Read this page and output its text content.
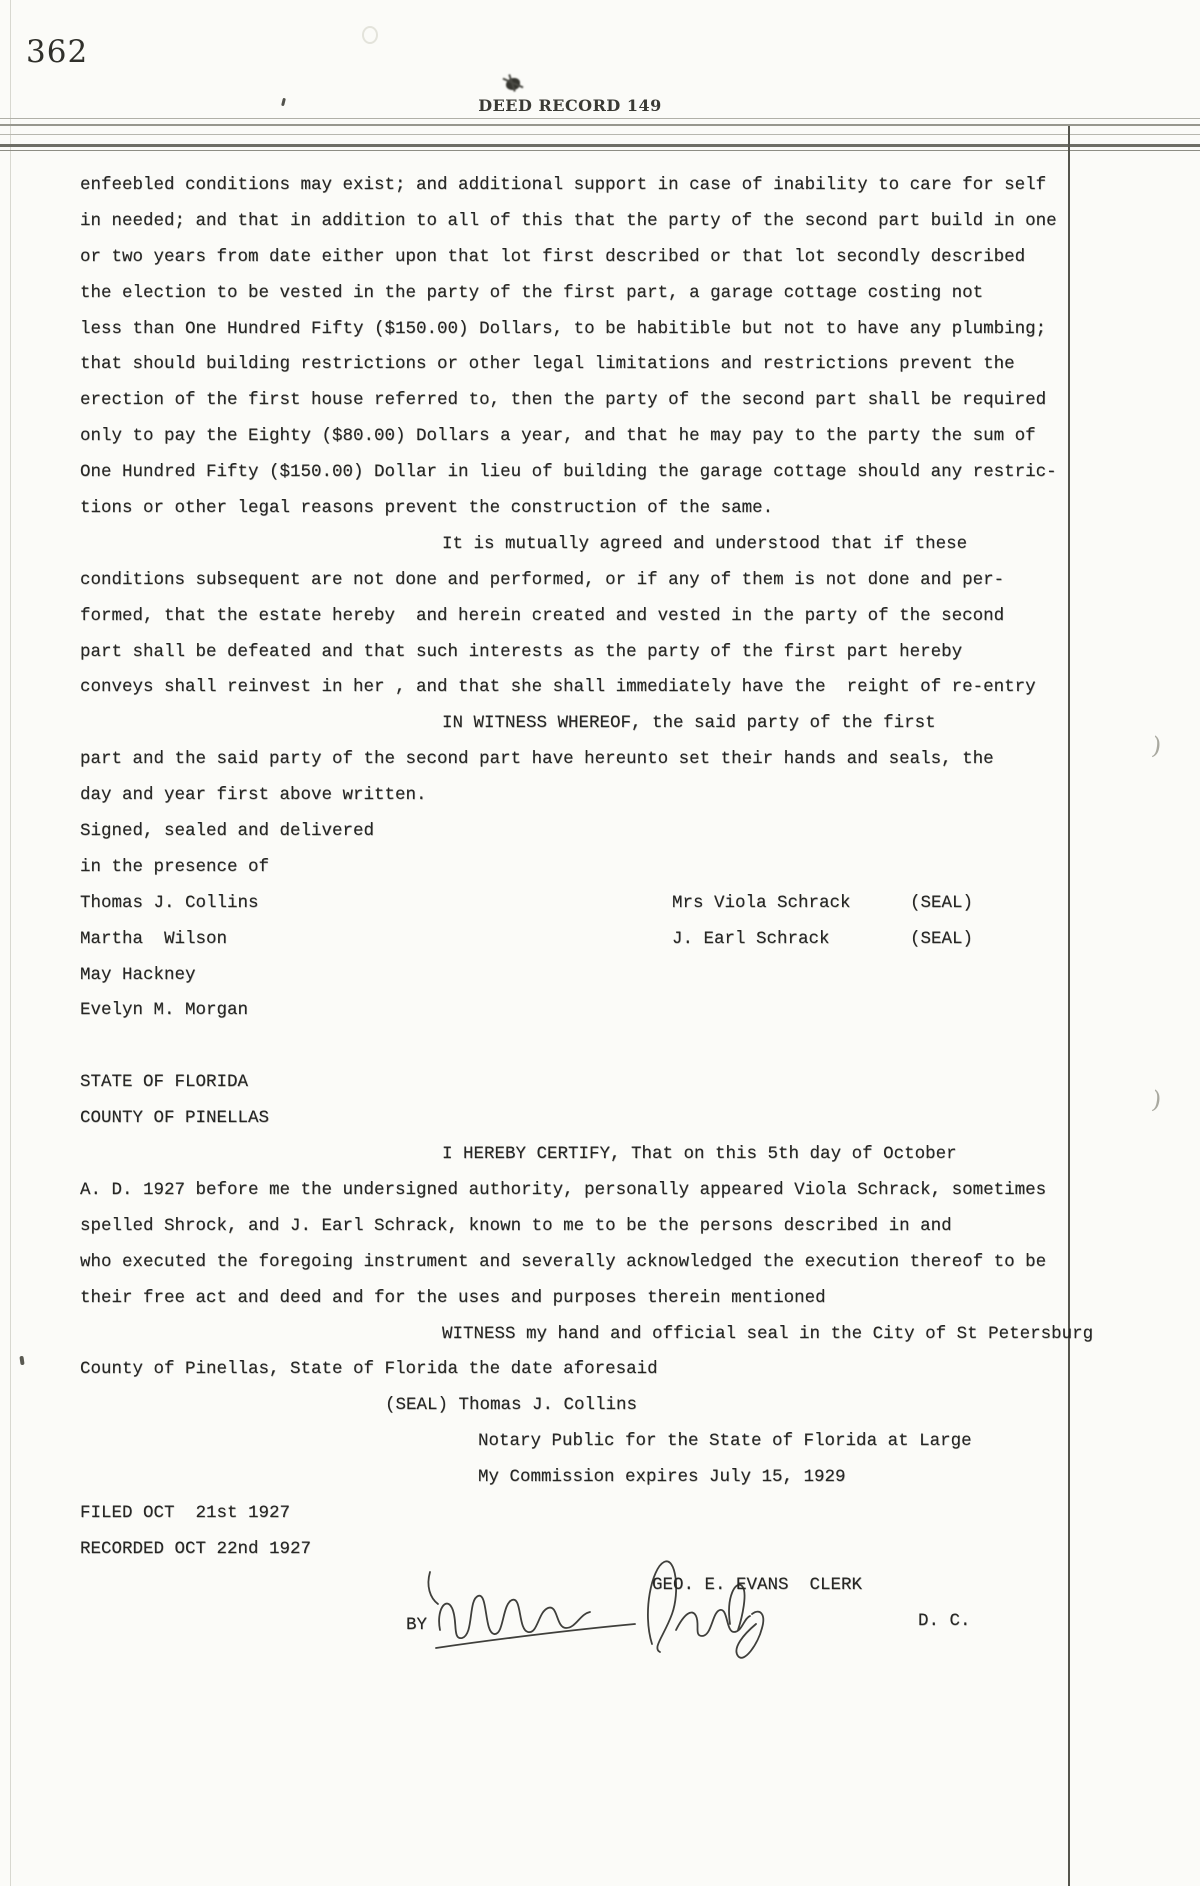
362
DEED RECORD 149
enfeebled conditions may exist; and additional support in case of inability to care for self
in needed; and that in addition to all of this that the party of the second part build in one
or two years from date either upon that lot first described or that lot secondly described
the election to be vested in the party of the first part, a garage cottage costing not
less than One Hundred Fifty ($150.00) Dollars, to be habitible but not to have any plumbing;
that should building restrictions or other legal limitations and restrictions prevent the
erection of the first house referred to, then the party of the second part shall be required
only to pay the Eighty ($80.00) Dollars a year, and that he may pay to the party the sum of
One Hundred Fifty ($150.00) Dollar in lieu of building the garage cottage should any restric-
tions or other legal reasons prevent the construction of the same.
It is mutually agreed and understood that if these
conditions subsequent are not done and performed, or if any of them is not done and per-
formed, that the estate hereby  and herein created and vested in the party of the second
part shall be defeated and that such interests as the party of the first part hereby
conveys shall reinvest in her , and that she shall immediately have the  reight of re-entry
IN WITNESS WHEREOF, the said party of the first
part and the said party of the second part have hereunto set their hands and seals, the
day and year first above written.
Signed, sealed and delivered
in the presence of
Thomas J. Collins	Mrs Viola Schrack	(SEAL)
Martha  Wilson	J. Earl Schrack	(SEAL)
May Hackney
Evelyn M. Morgan
STATE OF FLORIDA
COUNTY OF PINELLAS
I HEREBY CERTIFY, That on this 5th day of October
A. D. 1927 before me the undersigned authority, personally appeared Viola Schrack, sometimes
spelled Shrock, and J. Earl Schrack, known to me to be the persons described in and
who executed the foregoing instrument and severally acknowledged the execution thereof to be
their free act and deed and for the uses and purposes therein mentioned
WITNESS my hand and official seal in the City of St Petersburg
County of Pinellas, State of Florida the date aforesaid
(SEAL) Thomas J. Collins
Notary Public for the State of Florida at Large
My Commission expires July 15, 1929
FILED OCT  21st 1927
RECORDED OCT 22nd 1927
GEO. E. EVANS  CLERK
BY	D. C.
)
)
